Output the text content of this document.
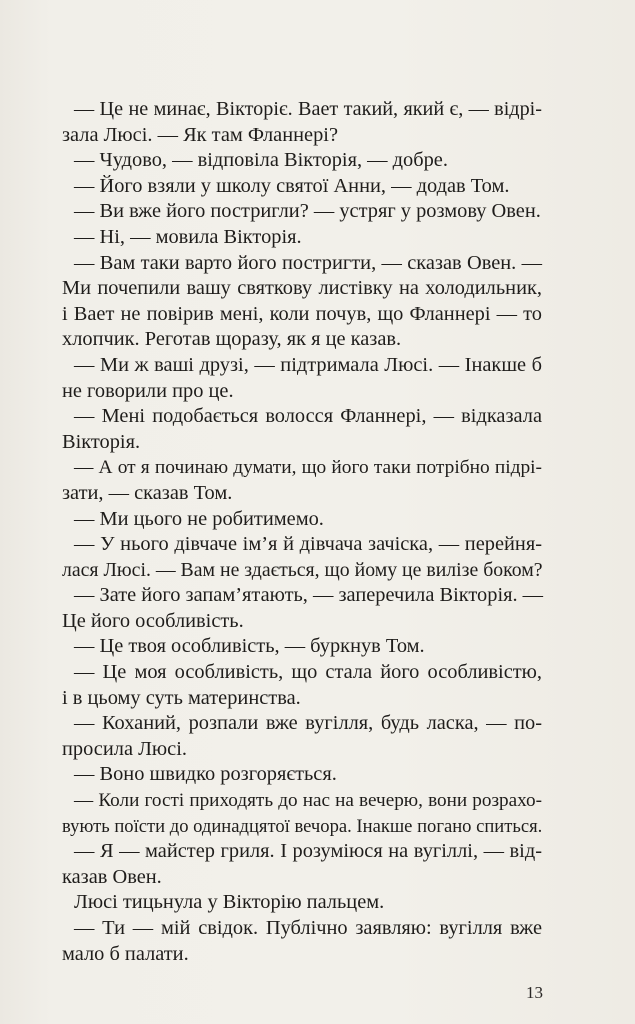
— Це не минає, Вікторіє. Вает такий, який є, — відрі-
зала Люсі. — Як там Фланнері?
— Чудово, — відповіла Вікторія, — добре.
— Його взяли у школу святої Анни, — додав Том.
— Ви вже його постригли? — устряг у розмову Овен.
— Ні, — мовила Вікторія.
— Вам таки варто його постригти, — сказав Овен. —
Ми почепили вашу святкову листівку на холодильник,
і Вает не повірив мені, коли почув, що Фланнері — то
хлопчик. Реготав щоразу, як я це казав.
— Ми ж ваші друзі, — підтримала Люсі. — Інакше б
не говорили про це.
— Мені подобається волосся Фланнері, — відказала
Вікторія.
— А от я починаю думати, що його таки потрібно підрі-
зати, — сказав Том.
— Ми цього не робитимемо.
— У нього дівчаче ім’я й дівчача зачіска, — перейня-
лася Люсі. — Вам не здається, що йому це вилізе боком?
— Зате його запам’ятають, — заперечила Вікторія. —
Це його особливість.
— Це твоя особливість, — буркнув Том.
— Це моя особливість, що стала його особливістю,
і в цьому суть материнства.
— Коханий, розпали вже вугілля, будь ласка, — по-
просила Люсі.
— Воно швидко розгоряється.
— Коли гості приходять до нас на вечерю, вони розрахо-
вують поїсти до одинадцятої вечора. Інакше погано спиться.
— Я — майстер гриля. І розуміюся на вугіллі, — від-
казав Овен.
Люсі тицьнула у Вікторію пальцем.
— Ти — мій свідок. Публічно заявляю: вугілля вже
мало б палати.
13
